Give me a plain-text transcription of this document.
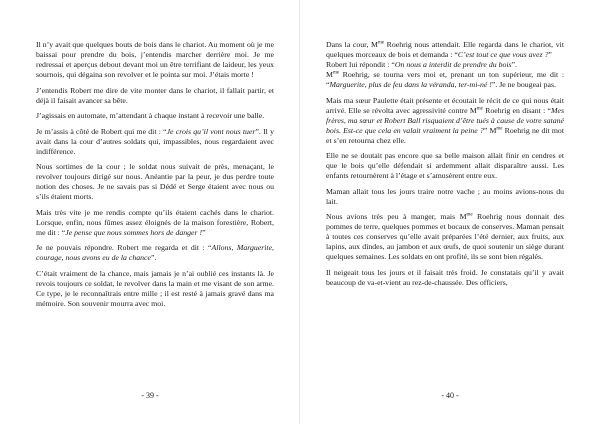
Il n’y avait que quelques bouts de bois dans le chariot. Au moment où je me baissai pour prendre du bois, j’entendis marcher derrière moi. Je me redressai et aperçus debout devant moi un être terrifiant de laideur, les yeux sournois, qui dégaina son revolver et le pointa sur moi. J’étais morte !

J’entendis Robert me dire de vite monter dans le chariot, il fallait partir, et déjà il faisait avancer sa bête.

J’agissais en automate, m’attendant à chaque instant à recevoir une balle.

Je m’assis à côté de Robert qui me dit : “Je crois qu’il vont nous tuer”. Il y avait dans la cour d’autres soldats qui, impassibles, nous regardaient avec indifférence.

Nous sortimes de la cour ; le soldat nous suivait de près, menaçant, le revolver toujours dirigé sur nous. Anéantie par la peur, je dus perdre toute notion des choses. Je ne savais pas si Dédé et Serge étaient avec nous ou s’ils étaient morts.

Mais très vite je me rendis compte qu’ils étaient cachés dans le chariot. Lorsque, enfin, nous fûmes assez éloignés de la maison forestière, Robert, me dit : “Je pense que nous sommes hors de danger !”

Je ne pouvais répondre. Robert me regarda et dit : “Allons, Marguerite, courage, nous avons eu de la chance”.

C’était vraiment de la chance, mais jamais je n’ai oublié ces instants là. Je revois toujours ce soldat, le revolver dans la main et me visant de son arme. Ce type, je le reconnaîtrais entre mille ; il est resté à jamais gravé dans ma mémoire. Son souvenir mourra avec moi.

- 39 -

Dans la cour, $M^{me}$ Roehrig nous attendait. Elle regarda dans le chariot, vit quelques morceaux de bois et demanda : “C’est tout ce que vous avez ?”
Robert lui répondit : “On nous a interdit de prendre du bois”.
$M^{me}$ Roehrig, se tourna vers moi et, prenant un ton supérieur, me dit : “Marguerite, plus de feu dans la véranda, ter-mi-né !”. Je ne bougeai pas.

Mais ma sœur Paulette était présente et écoutait le récit de ce qui nous était arrivé. Elle se révolta avec agressivité contre $M^{me}$ Roehrig en disant : “Mes frères, ma sœur et Robert Ball risquaient d’être tués à cause de votre satané bois. Est-ce que cela en valait vraiment la peine ?” $M^{me}$ Roehrig ne dit mot et s’en retourna chez elle.

Elle ne se doutait pas encore que sa belle maison allait finir en cendres et que le bois qu’elle défendait si ardemment allait disparaître aussi. Les enfants retournèrent à l’étage et s’amusèrent entre eux.

Maman allait tous les jours traire notre vache ; au moins avions-nous du lait.

Nous avions très peu à manger, mais $M^{me}$ Roehrig nous donnait des pommes de terre, quelques pommes et bocaux de conserves. Maman pensait à toutes ces conserves qu’elle avait préparées l’été dernier, aux fruits, aux lapins, aux dindes, au jambon et aux œufs, de quoi soutenir un siège durant quelques semaines. Les soldats en ont profité, ils se sont bien régalés.

Il neigeait tous les jours et il faisait très froid. Je constatais qu’il y avait beaucoup de va-et-vient au rez-de-chaussée. Des officiers,

- 40 -
